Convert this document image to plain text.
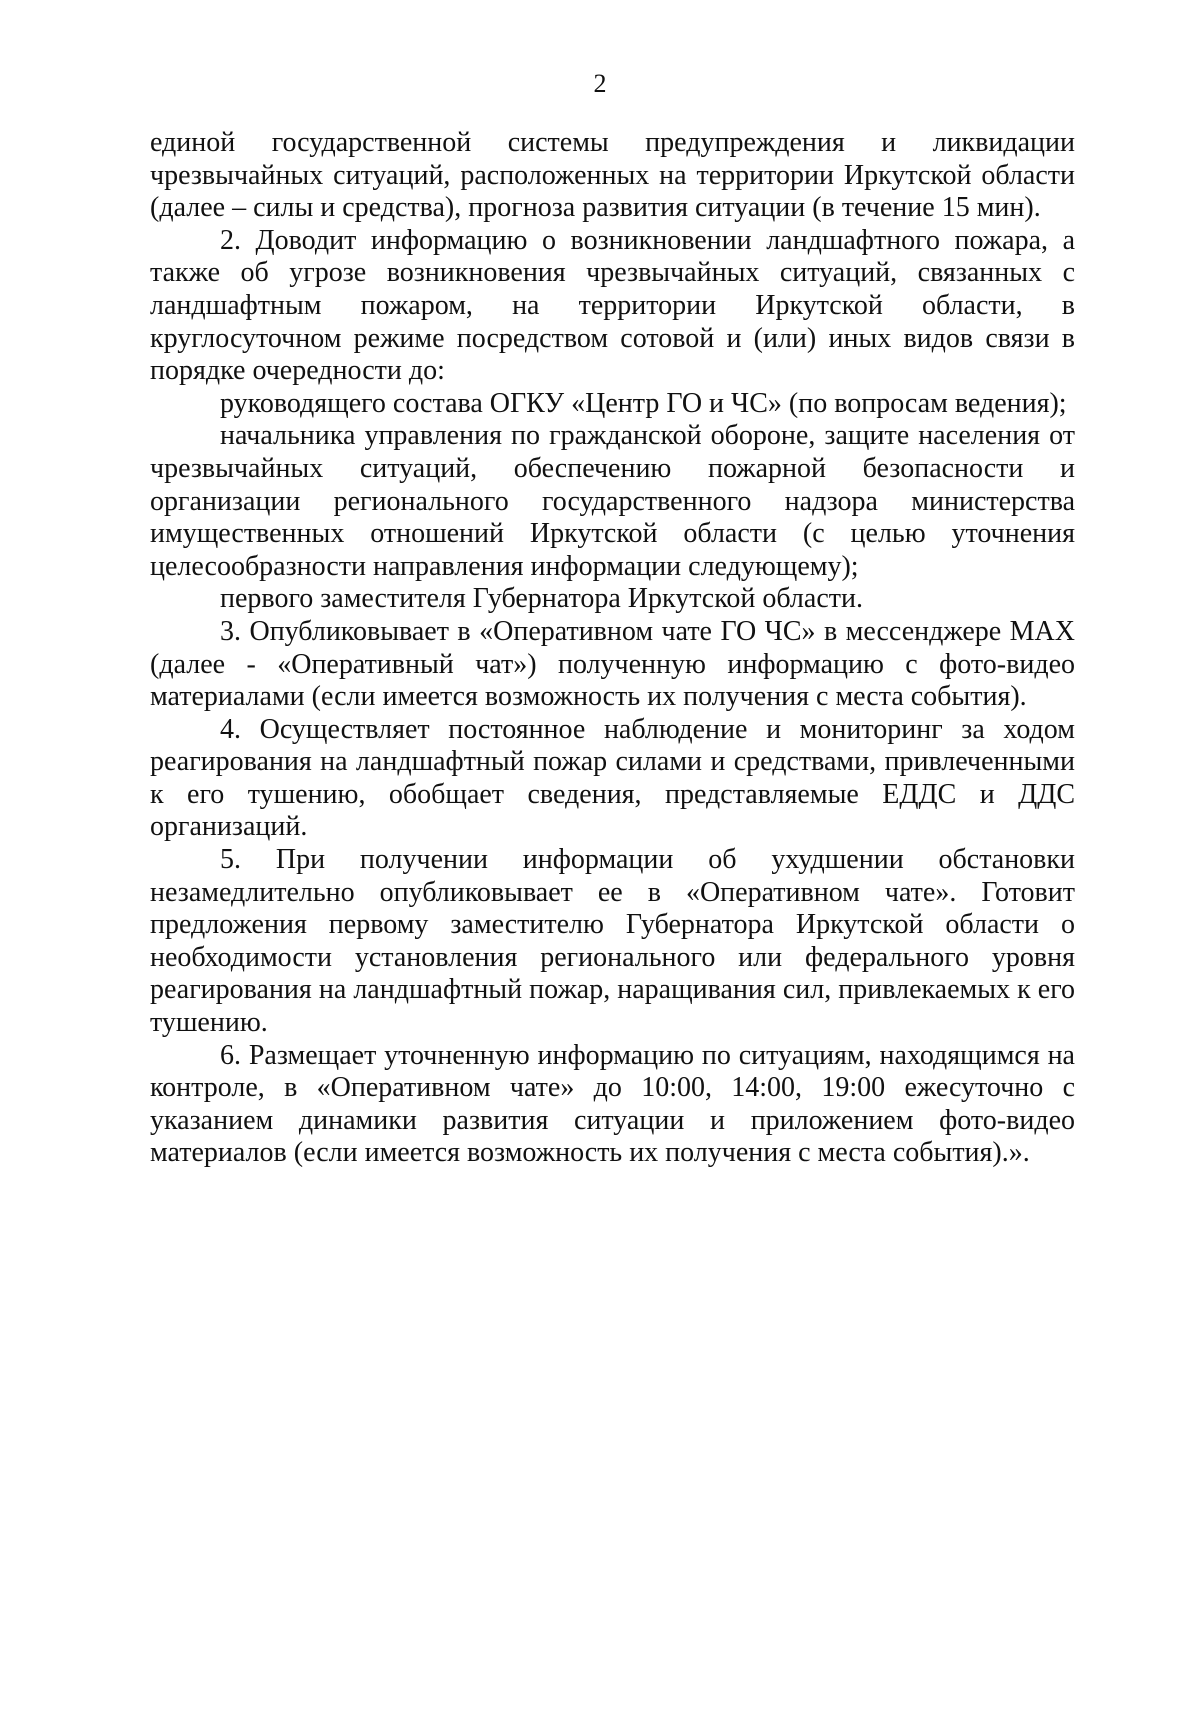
2

единой государственной системы предупреждения и ликвидации чрезвычайных ситуаций, расположенных на территории Иркутской области (далее – силы и средства), прогноза развития ситуации (в течение 15 мин).

2. Доводит информацию о возникновении ландшафтного пожара, а также об угрозе возникновения чрезвычайных ситуаций, связанных с ландшафтным пожаром, на территории Иркутской области, в круглосуточном режиме посредством сотовой и (или) иных видов связи в порядке очередности до:

руководящего состава ОГКУ «Центр ГО и ЧС» (по вопросам ведения);

начальника управления по гражданской обороне, защите населения от чрезвычайных ситуаций, обеспечению пожарной безопасности и организации регионального государственного надзора министерства имущественных отношений Иркутской области (с целью уточнения целесообразности направления информации следующему);

первого заместителя Губернатора Иркутской области.

3. Опубликовывает в «Оперативном чате ГО ЧС» в мессенджере MAX (далее - «Оперативный чат») полученную информацию с фото-видео материалами (если имеется возможность их получения с места события).

4. Осуществляет постоянное наблюдение и мониторинг за ходом реагирования на ландшафтный пожар силами и средствами, привлеченными к его тушению, обобщает сведения, представляемые ЕДДС и ДДС организаций.

5. При получении информации об ухудшении обстановки незамедлительно опубликовывает ее в «Оперативном чате». Готовит предложения первому заместителю Губернатора Иркутской области о необходимости установления регионального или федерального уровня реагирования на ландшафтный пожар, наращивания сил, привлекаемых к его тушению.

6. Размещает уточненную информацию по ситуациям, находящимся на контроле, в «Оперативном чате» до 10:00, 14:00, 19:00 ежесуточно с указанием динамики развития ситуации и приложением фото-видео материалов (если имеется возможность их получения с места события).».
